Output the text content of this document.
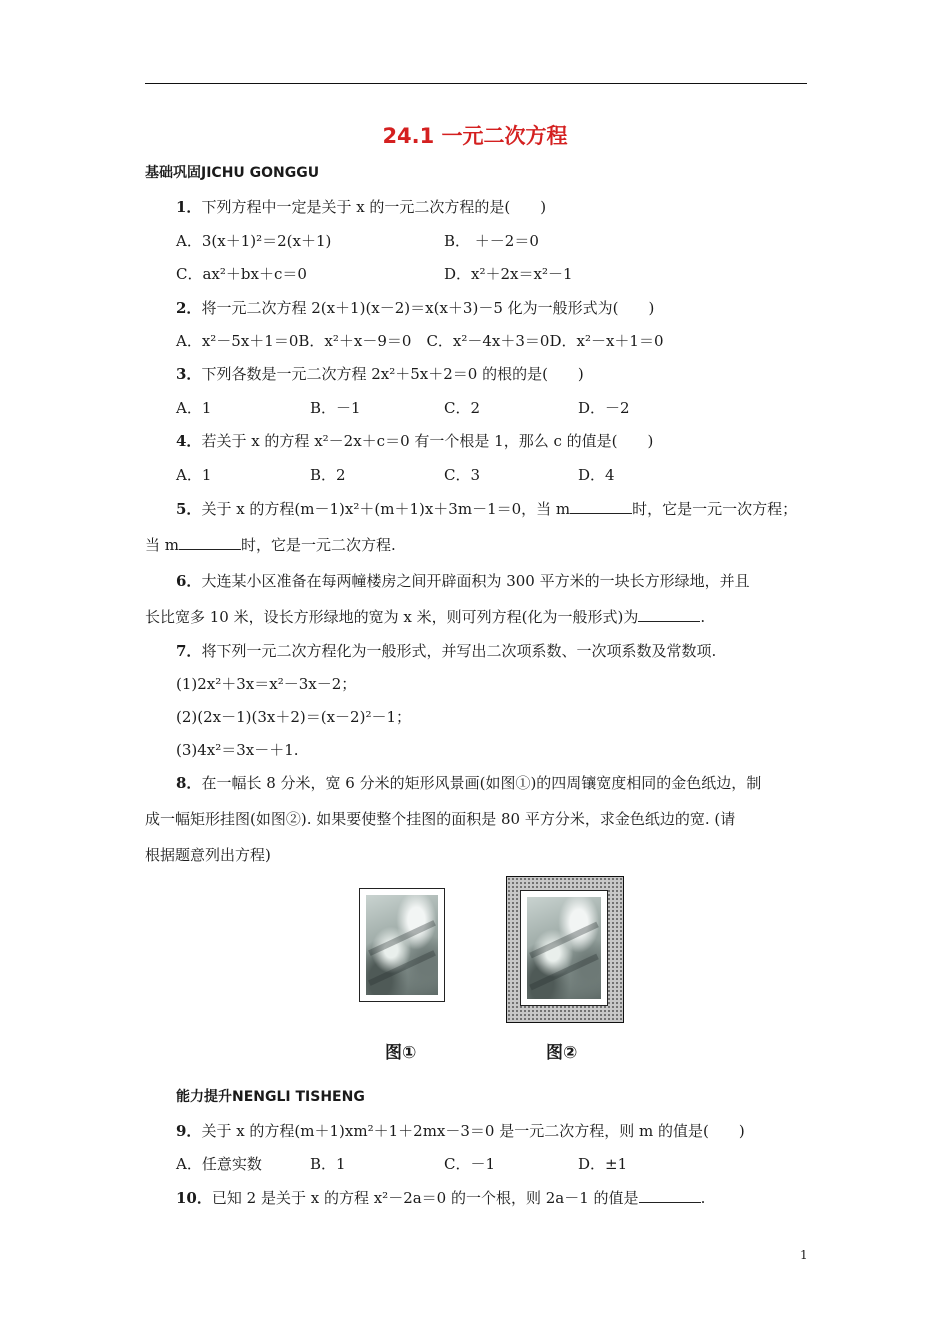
24.1 一元二次方程
基础巩固JICHU GONGGU
1．下列方程中一定是关于 x 的一元二次方程的是(　　)
A．3(x＋1)²＝2(x＋1)	B． ＋－2＝0
C．ax²＋bx＋c＝0	D．x²＋2x＝x²－1
2．将一元二次方程 2(x＋1)(x－2)＝x(x＋3)－5 化为一般形式为(　　)
A．x²－5x＋1＝0B．x²＋x－9＝0　C．x²－4x＋3＝0D．x²－x＋1＝0
3．下列各数是一元二次方程 2x²＋5x＋2＝0 的根的是(　　)
A．1	B．－1	C．2	D．－2
4．若关于 x 的方程 x²－2x＋c＝0 有一个根是 1，那么 c 的值是(　　)
A．1	B．2	C．3	D．4
5．关于 x 的方程(m－1)x²＋(m＋1)x＋3m－1＝0，当 m	时，它是一元一次方程；
当 m	时，它是一元二次方程.
6．大连某小区准备在每两幢楼房之间开辟面积为 300 平方米的一块长方形绿地，并且
长比宽多 10 米，设长方形绿地的宽为 x 米，则可列方程(化为一般形式)为	.
7．将下列一元二次方程化为一般形式，并写出二次项系数、一次项系数及常数项.
(1)2x²＋3x＝x²－3x－2；
(2)(2x－1)(3x＋2)＝(x－2)²－1；
(3)4x²＝3x－＋1.
8．在一幅长 8 分米，宽 6 分米的矩形风景画(如图①)的四周镶宽度相同的金色纸边，制
成一幅矩形挂图(如图②). 如果要使整个挂图的面积是 80 平方分米，求金色纸边的宽. (请
根据题意列出方程)
图①	图②
能力提升NENGLI TISHENG
9．关于 x 的方程(m＋1)xm²＋1＋2mx－3＝0 是一元二次方程，则 m 的值是(　　)
A．任意实数	B．1	C．－1	D．±1
10．已知 2 是关于 x 的方程 x²－2a＝0 的一个根，则 2a－1 的值是	.
1
